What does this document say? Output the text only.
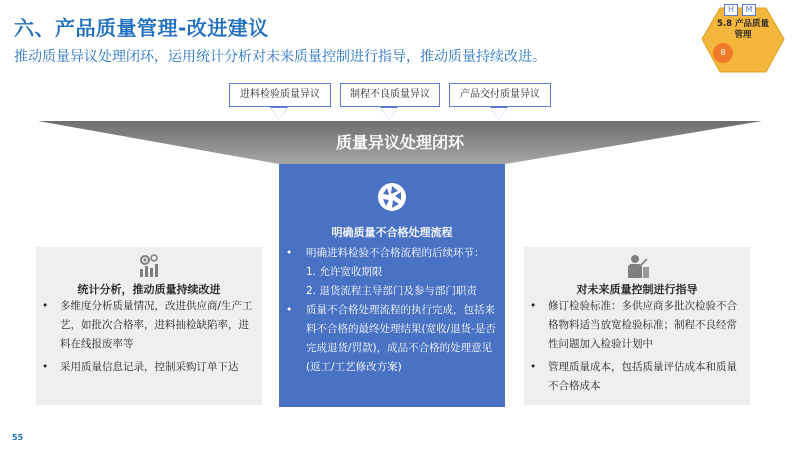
六、产品质量管理-改进建议
推动质量异议处理闭环，运用统计分析对未来质量控制进行指导，推动质量持续改进。
H	M
5.8 产品质量
管理
8
进料检验质量异议	制程不良质量异议	产品交付质量异议
质量异议处理闭环
统计分析，推动质量持续改进
• 多维度分析质量情况，改进供应商/生产工艺，如批次合格率，进料抽检缺陷率，进料在线报废率等
• 采用质量信息记录，控制采购订单下达
明确质量不合格处理流程
• 明确进料检验不合格流程的后续环节：
1. 允许宽收期限
2. 退货流程主导部门及参与部门职责
• 质量不合格处理流程的执行完成，包括来料不合格的最终处理结果(宽收/退货-是否完成退货/罚款)，成品不合格的处理意见(返工/工艺修改方案)
对未来质量控制进行指导
• 修订检验标准：多供应商多批次检验不合格物料适当放宽检验标准；制程不良经常性问题加入检验计划中
• 管理质量成本，包括质量评估成本和质量不合格成本
55
